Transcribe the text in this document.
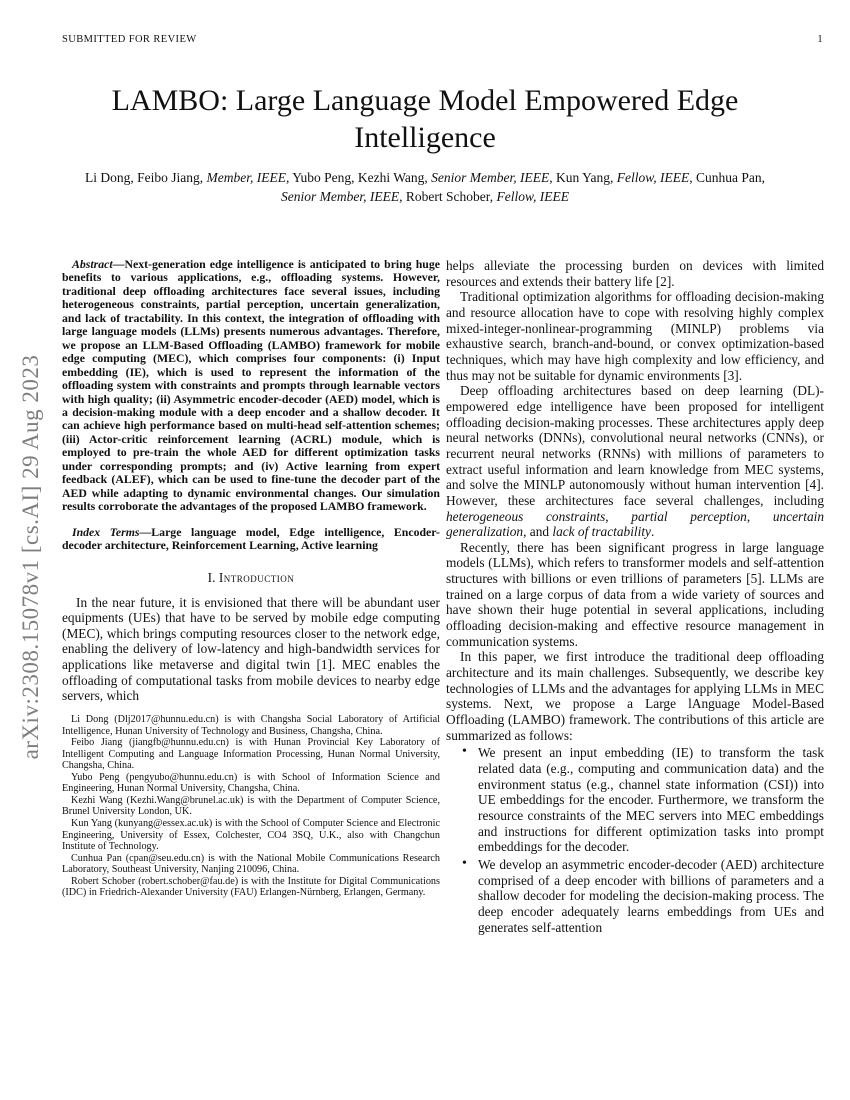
SUBMITTED FOR REVIEW	1
arXiv:2308.15078v1 [cs.AI] 29 Aug 2023
LAMBO: Large Language Model Empowered Edge Intelligence
Li Dong, Feibo Jiang, Member, IEEE, Yubo Peng, Kezhi Wang, Senior Member, IEEE, Kun Yang, Fellow, IEEE, Cunhua Pan, Senior Member, IEEE, Robert Schober, Fellow, IEEE

Abstract—Next-generation edge intelligence is anticipated to bring huge benefits to various applications, e.g., offloading systems. However, traditional deep offloading architectures face several issues, including heterogeneous constraints, partial perception, uncertain generalization, and lack of tractability. In this context, the integration of offloading with large language models (LLMs) presents numerous advantages. Therefore, we propose an LLM-Based Offloading (LAMBO) framework for mobile edge computing (MEC), which comprises four components: (i) Input embedding (IE), which is used to represent the information of the offloading system with constraints and prompts through learnable vectors with high quality; (ii) Asymmetric encoder-decoder (AED) model, which is a decision-making module with a deep encoder and a shallow decoder. It can achieve high performance based on multi-head self-attention schemes; (iii) Actor-critic reinforcement learning (ACRL) module, which is employed to pre-train the whole AED for different optimization tasks under corresponding prompts; and (iv) Active learning from expert feedback (ALEF), which can be used to fine-tune the decoder part of the AED while adapting to dynamic environmental changes. Our simulation results corroborate the advantages of the proposed LAMBO framework.

Index Terms—Large language model, Edge intelligence, Encoder-decoder architecture, Reinforcement Learning, Active learning

I. Introduction

In the near future, it is envisioned that there will be abundant user equipments (UEs) that have to be served by mobile edge computing (MEC), which brings computing resources closer to the network edge, enabling the delivery of low-latency and high-bandwidth services for applications like metaverse and digital twin [1]. MEC enables the offloading of computational tasks from mobile devices to nearby edge servers, which

Li Dong (Dlj2017@hunnu.edu.cn) is with Changsha Social Laboratory of Artificial Intelligence, Hunan University of Technology and Business, Changsha, China.

Feibo Jiang (jiangfb@hunnu.edu.cn) is with Hunan Provincial Key Laboratory of Intelligent Computing and Language Information Processing, Hunan Normal University, Changsha, China.

Yubo Peng (pengyubo@hunnu.edu.cn) is with School of Information Science and Engineering, Hunan Normal University, Changsha, China.

Kezhi Wang (Kezhi.Wang@brunel.ac.uk) is with the Department of Computer Science, Brunel University London, UK.

Kun Yang (kunyang@essex.ac.uk) is with the School of Computer Science and Electronic Engineering, University of Essex, Colchester, CO4 3SQ, U.K., also with Changchun Institute of Technology.

Cunhua Pan (cpan@seu.edu.cn) is with the National Mobile Communications Research Laboratory, Southeast University, Nanjing 210096, China.

Robert Schober (robert.schober@fau.de) is with the Institute for Digital Communications (IDC) in Friedrich-Alexander University (FAU) Erlangen-Nürnberg, Erlangen, Germany.

helps alleviate the processing burden on devices with limited resources and extends their battery life [2].

Traditional optimization algorithms for offloading decision-making and resource allocation have to cope with resolving highly complex mixed-integer-nonlinear-programming (MINLP) problems via exhaustive search, branch-and-bound, or convex optimization-based techniques, which may have high complexity and low efficiency, and thus may not be suitable for dynamic environments [3].

Deep offloading architectures based on deep learning (DL)-empowered edge intelligence have been proposed for intelligent offloading decision-making processes. These architectures apply deep neural networks (DNNs), convolutional neural networks (CNNs), or recurrent neural networks (RNNs) with millions of parameters to extract useful information and learn knowledge from MEC systems, and solve the MINLP autonomously without human intervention [4]. However, these architectures face several challenges, including heterogeneous constraints, partial perception, uncertain generalization, and lack of tractability.

Recently, there has been significant progress in large language models (LLMs), which refers to transformer models and self-attention structures with billions or even trillions of parameters [5]. LLMs are trained on a large corpus of data from a wide variety of sources and have shown their huge potential in several applications, including offloading decision-making and effective resource management in communication systems.

In this paper, we first introduce the traditional deep offloading architecture and its main challenges. Subsequently, we describe key technologies of LLMs and the advantages for applying LLMs in MEC systems. Next, we propose a Large lAnguage Model-Based Offloading (LAMBO) framework. The contributions of this article are summarized as follows:

• We present an input embedding (IE) to transform the task related data (e.g., computing and communication data) and the environment status (e.g., channel state information (CSI)) into UE embeddings for the encoder. Furthermore, we transform the resource constraints of the MEC servers into MEC embeddings and instructions for different optimization tasks into prompt embeddings for the decoder.
• We develop an asymmetric encoder-decoder (AED) architecture comprised of a deep encoder with billions of parameters and a shallow decoder for modeling the decision-making process. The deep encoder adequately learns embeddings from UEs and generates self-attention
